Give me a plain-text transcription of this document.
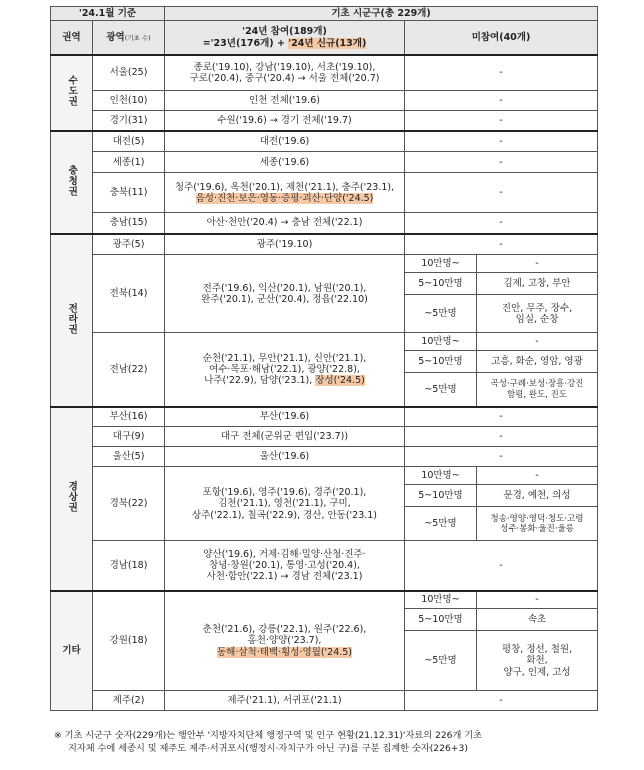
'24.1월 기준		기초 시군구(총 229개)		
권역	광역(기초 수)	'24년 참여(189개)
='23년(176개) + '24년 신규(13개)	미참여(40개)	
수도권	서울(25)	종로('19.10), 강남('19.10), 서초('19.10),
구로('20.4), 중구('20.4) → 서울 전체('20.7)	-	
	인천(10)	인천 전체('19.6)	-	
	경기(31)	수원('19.6) → 경기 전체('19.7)	-	
충청권	대전(5)	대전('19.6)	-	
	세종(1)	세종('19.6)	-	
	충북(11)	청주('19.6), 옥천('20.1), 제천('21.1), 충주('23.1),
음성·진천·보은·영동·증평·괴산·단양('24.5)	-	
	충남(15)	아산·천안('20.4) → 충남 전체('22.1)	-	
전라권	광주(5)	광주('19.10)	-	
	전북(14)	전주('19.6), 익산('20.1), 남원('20.1),
완주('20.1), 군산('20.4), 정읍('22.10)	10만명~	-
			5~10만명	김제, 고창, 부안
			~5만명	진안, 무주, 장수,
임실, 순창

	전남(22)	순천('21.1), 무안('21.1), 신안('21.1),
여수·목포·해남('22.1), 광양('22.8),
나주('22.9), 담양('23.1), 장성('24.5)	10만명~	-
			5~10만명	고흥, 화순, 영암, 영광
			~5만명	곡성·구례·보성·장흥·강진
함평, 완도, 진도

경상권	부산(16)	부산('19.6)	-	
	대구(9)	대구 전체(군위군 편입('23.7))	-	
	울산(5)	울산('19.6)	-	
	경북(22)	포항('19.6), 영주('19.6), 경주('20.1),
김천('21.1), 영천('21.1), 구미,
상주('22.1), 칠곡('22.9), 경산, 안동('23.1)	10만명~	-
			5~10만명	문경, 예천, 의성
			~5만명	청송·영양·영덕·청도·고령
성주·봉화·울진·울릉

	경남(18)	양산('19.6), 거제·김해·밀양·산청·진주·
창녕·창원('20.1), 통영·고성('20.4),
사천·함안('22.1) → 경남 전체('23.1)	-	
기타	강원(18)	춘천('21.6), 강릉('22.1), 원주('22.6),
홍천·양양('23.7),
동해·삼척·태백·횡성·영월('24.5)	10만명~	-
			5~10만명	속초
			~5만명	평창, 정선, 철원,
화천,
양구, 인제, 고성

	제주(2)	제주('21.1), 서귀포('21.1)	-	
※ 기초 시군구 숫자(229개)는 행안부 '지방자치단체 행정구역 및 인구 현황(21.12.31)'자료의 226개 기초
지자체 수에 세종시 및 제주도 제주·서귀포시(행정시·자치구가 아닌 구)를 구분 집계한 숫자(226+3)
